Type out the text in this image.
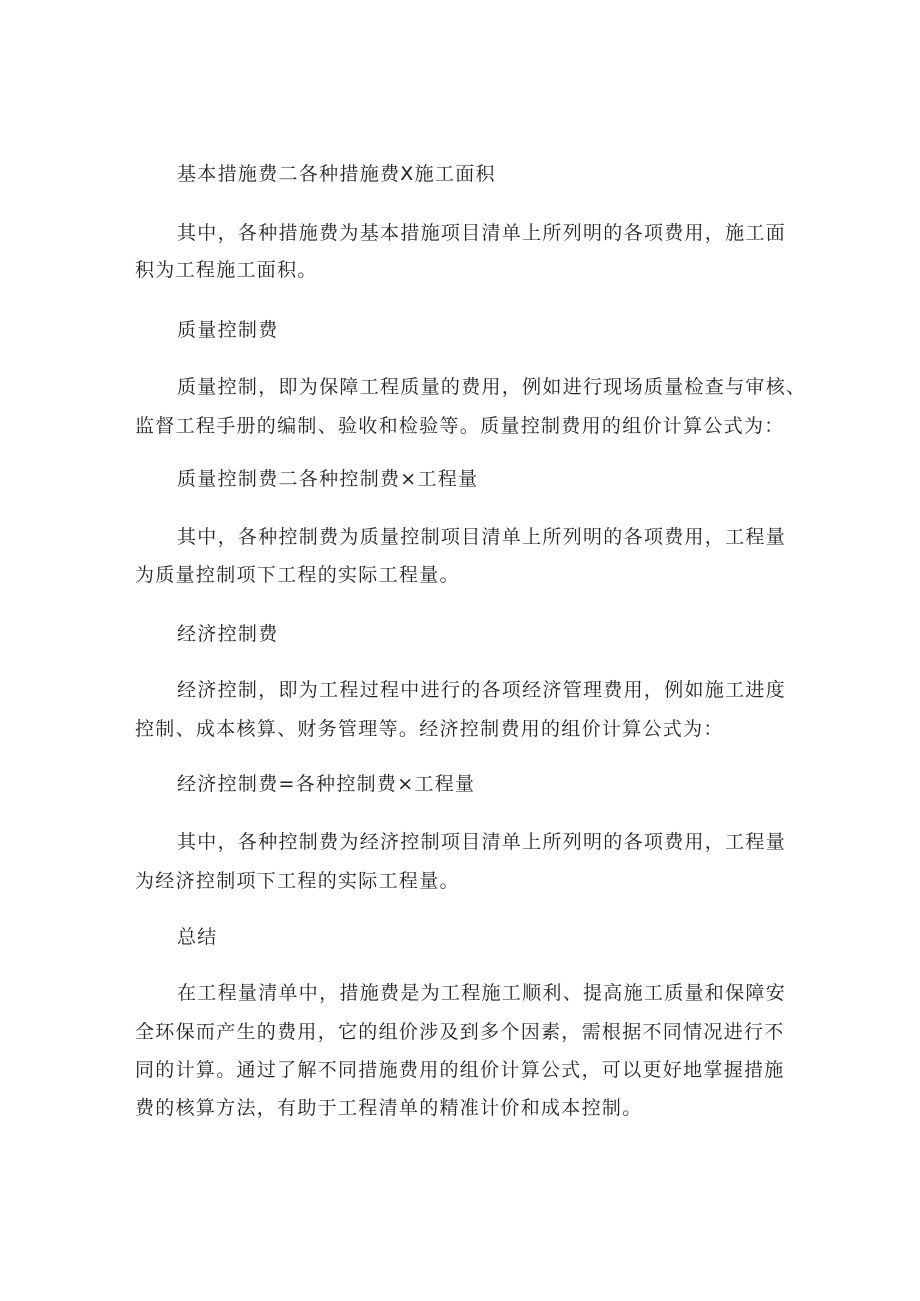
基本措施费二各种措施费X施工面积
其中，各种措施费为基本措施项目清单上所列明的各项费用，施工面
积为工程施工面积。
质量控制费
质量控制，即为保障工程质量的费用，例如进行现场质量检查与审核、
监督工程手册的编制、验收和检验等。质量控制费用的组价计算公式为：
质量控制费二各种控制费×工程量
其中，各种控制费为质量控制项目清单上所列明的各项费用，工程量
为质量控制项下工程的实际工程量。
经济控制费
经济控制，即为工程过程中进行的各项经济管理费用，例如施工进度
控制、成本核算、财务管理等。经济控制费用的组价计算公式为：
经济控制费=各种控制费×工程量
其中，各种控制费为经济控制项目清单上所列明的各项费用，工程量
为经济控制项下工程的实际工程量。
总结
在工程量清单中，措施费是为工程施工顺利、提高施工质量和保障安
全环保而产生的费用，它的组价涉及到多个因素，需根据不同情况进行不
同的计算。通过了解不同措施费用的组价计算公式，可以更好地掌握措施
费的核算方法，有助于工程清单的精准计价和成本控制。
